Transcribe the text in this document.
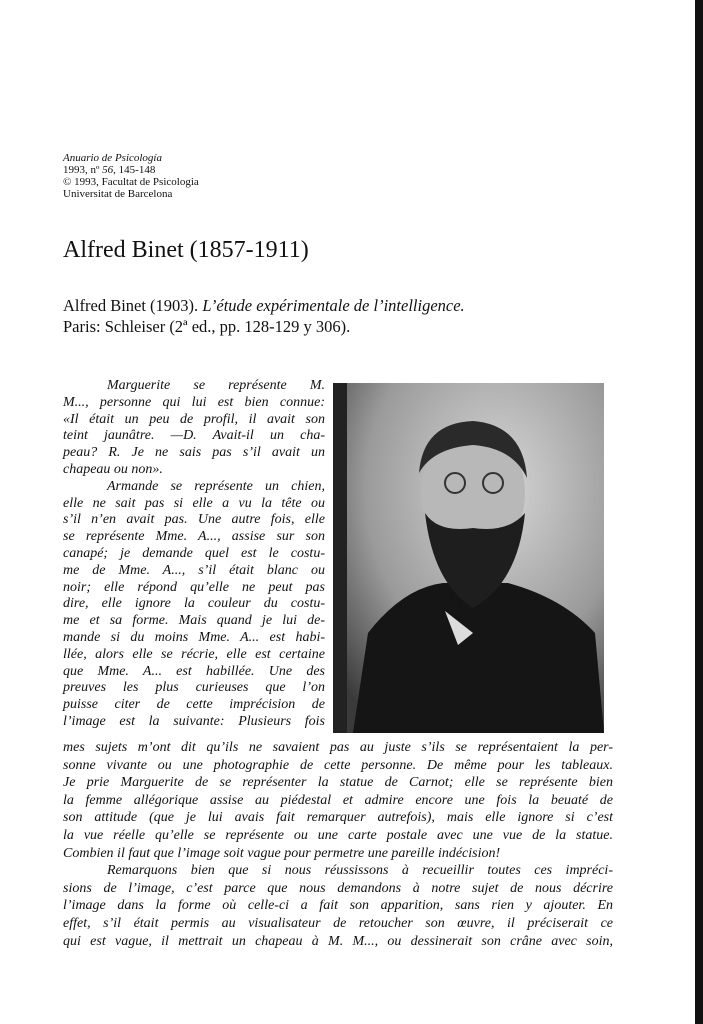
Anuario de Psicología
1993, nº 56, 145-148
© 1993, Facultat de Psicologia
Universitat de Barcelona
Alfred Binet (1857-1911)
Alfred Binet (1903). L’étude expérimentale de l’intelligence.
Paris: Schleiser (2ª ed., pp. 128-129 y 306).
Marguerite se représente M.
M..., personne qui lui est bien connue:
«Il était un peu de profil, il avait son
teint jaunâtre. —D. Avait-il un cha-
peau? R. Je ne sais pas s’il avait un
chapeau ou non».
Armande se représente un chien,
elle ne sait pas si elle a vu la tête ou
s’il n’en avait pas. Une autre fois, elle
se représente Mme. A..., assise sur son
canapé; je demande quel est le costu-
me de Mme. A..., s’il était blanc ou
noir; elle répond qu’elle ne peut pas
dire, elle ignore la couleur du costu-
me et sa forme. Mais quand je lui de-
mande si du moins Mme. A... est habi-
llée, alors elle se récrie, elle est certaine
que Mme. A... est habillée. Une des
preuves les plus curieuses que l’on
puisse citer de cette imprécision de
l’image est la suivante: Plusieurs fois
mes sujets m’ont dit qu’ils ne savaient pas au juste s’ils se représentaient la per-
sonne vivante ou une photographie de cette personne. De même pour les tableaux.
Je prie Marguerite de se représenter la statue de Carnot; elle se représente bien
la femme allégorique assise au piédestal et admire encore une fois la beuaté de
son attitude (que je lui avais fait remarquer autrefois), mais elle ignore si c’est
la vue réelle qu’elle se représente ou une carte postale avec une vue de la statue.
Combien il faut que l’image soit vague pour permetre une pareille indécision!
Remarquons bien que si nous réussissons à recueillir toutes ces impréci-
sions de l’image, c’est parce que nous demandons à notre sujet de nous décrire
l’image dans la forme où celle-ci a fait son apparition, sans rien y ajouter. En
effet, s’il était permis au visualisateur de retoucher son œuvre, il préciserait ce
qui est vague, il mettrait un chapeau à M. M..., ou dessinerait son crâne avec soin,
